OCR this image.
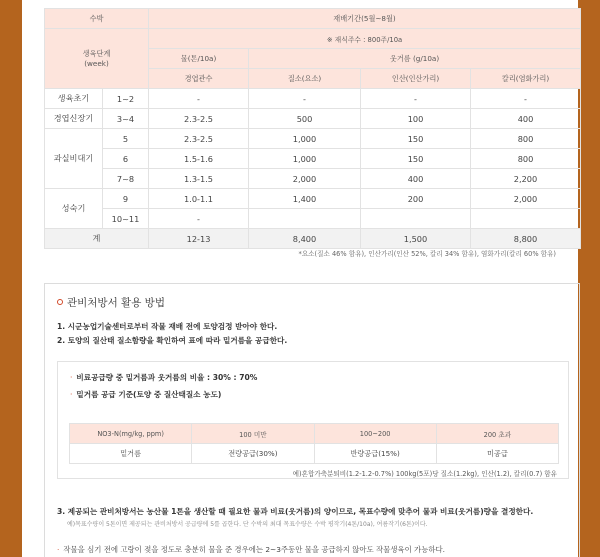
수박		재배기간(5월~8월)			
생육단계
(week)		※ 재식주수 : 800주/10a			
		물(톤/10a)	웃거름 (g/10a)		
		경엽관수	질소(요소)	인산(인산가리)	칼리(염화가리)
생육초기	1~2	-	-	-	-
경엽신장기	3~4	2.3-2.5	500	100	400
과실비대기	5	2.3-2.5	1,000	150	800
	6	1.5-1.6	1,000	150	800
	7~8	1.3-1.5	2,000	400	2,200
성숙기	9	1.0-1.1	1,400	200	2,000
	10~11	-			
계		12-13	8,400	1,500	8,800
*요소(질소 46% 함유), 인산가리(인산 52%, 칼리 34% 함유), 염화가리(칼리 60% 함유)
관비처방서 활용 방법
1. 시군농업기술센터로부터 작물 재배 전에 토양검정 받아야 한다.
2. 토양의 질산태 질소함량을 확인하여 표에 따라 밑거름을 공급한다.
· 비료공급량 중 밑거름과 웃거름의 비율 : 30% : 70%
· 밑거름 공급 기준(토양 중 질산태질소 농도)
NO3-N(mg/kg, ppm)	100 미만	100~200	200 초과
밑거름	전량공급(30%)	반량공급(15%)	미공급
예)혼합가축분퇴비(1.2-1.2-0.7%) 100kg(5포)당 질소(1.2kg), 인산(1.2), 칼리(0.7) 함유
3. 제공되는 관비처방서는 농산물 1톤을 생산할 때 필요한 물과 비료(웃거름)의 양이므로, 목표수량에 맞추어 물과 비료(웃거름)량을 결정한다.
예)목표수량이 5톤이면 제공되는 관비처방서 공급량에 5를 곱한다. 단 수박의 최대 목표수량은 수박 평작기(4톤/10a), 여름작기(6톤)이다.
· 작물을 심기 전에 고랑이 젖을 정도로 충분히 물을 준 경우에는 2~3주동안 물을 공급하지 않아도 작물생육이 가능하다.
